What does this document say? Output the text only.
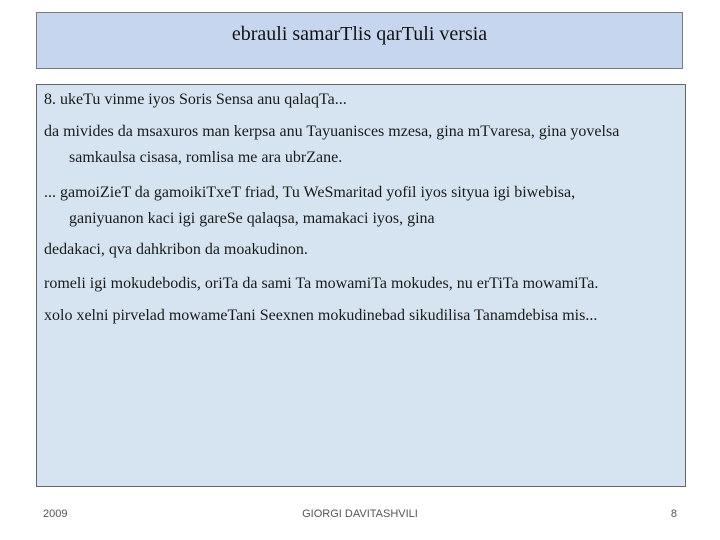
ebrauli samarTlis qarTuli versia

8. ukeTu vinme iyos Soris Sensa anu qalaqTa...

da mivides da msaxuros man kerpsa anu Tayuanisces mzesa, gina mTvaresa, gina yovelsa
samkaulsa cisasa, romlisa me ara ubrZane.

... gamoiZieT da gamoikiTxeT friad, Tu WeSmaritad yofil iyos sityua igi biwebisa,
ganiyuanon kaci igi gareSe qalaqsa, mamakaci iyos, gina

dedakaci, qva dahkribon da moakudinon.

romeli igi mokudebodis, oriTa da sami Ta mowamiTa mokudes, nu erTiTa mowamiTa.

xolo xelni pirvelad mowameTani Seexnen mokudinebad sikudilisa Tanamdebisa mis...

2009	GIORGI DAVITASHVILI	8
